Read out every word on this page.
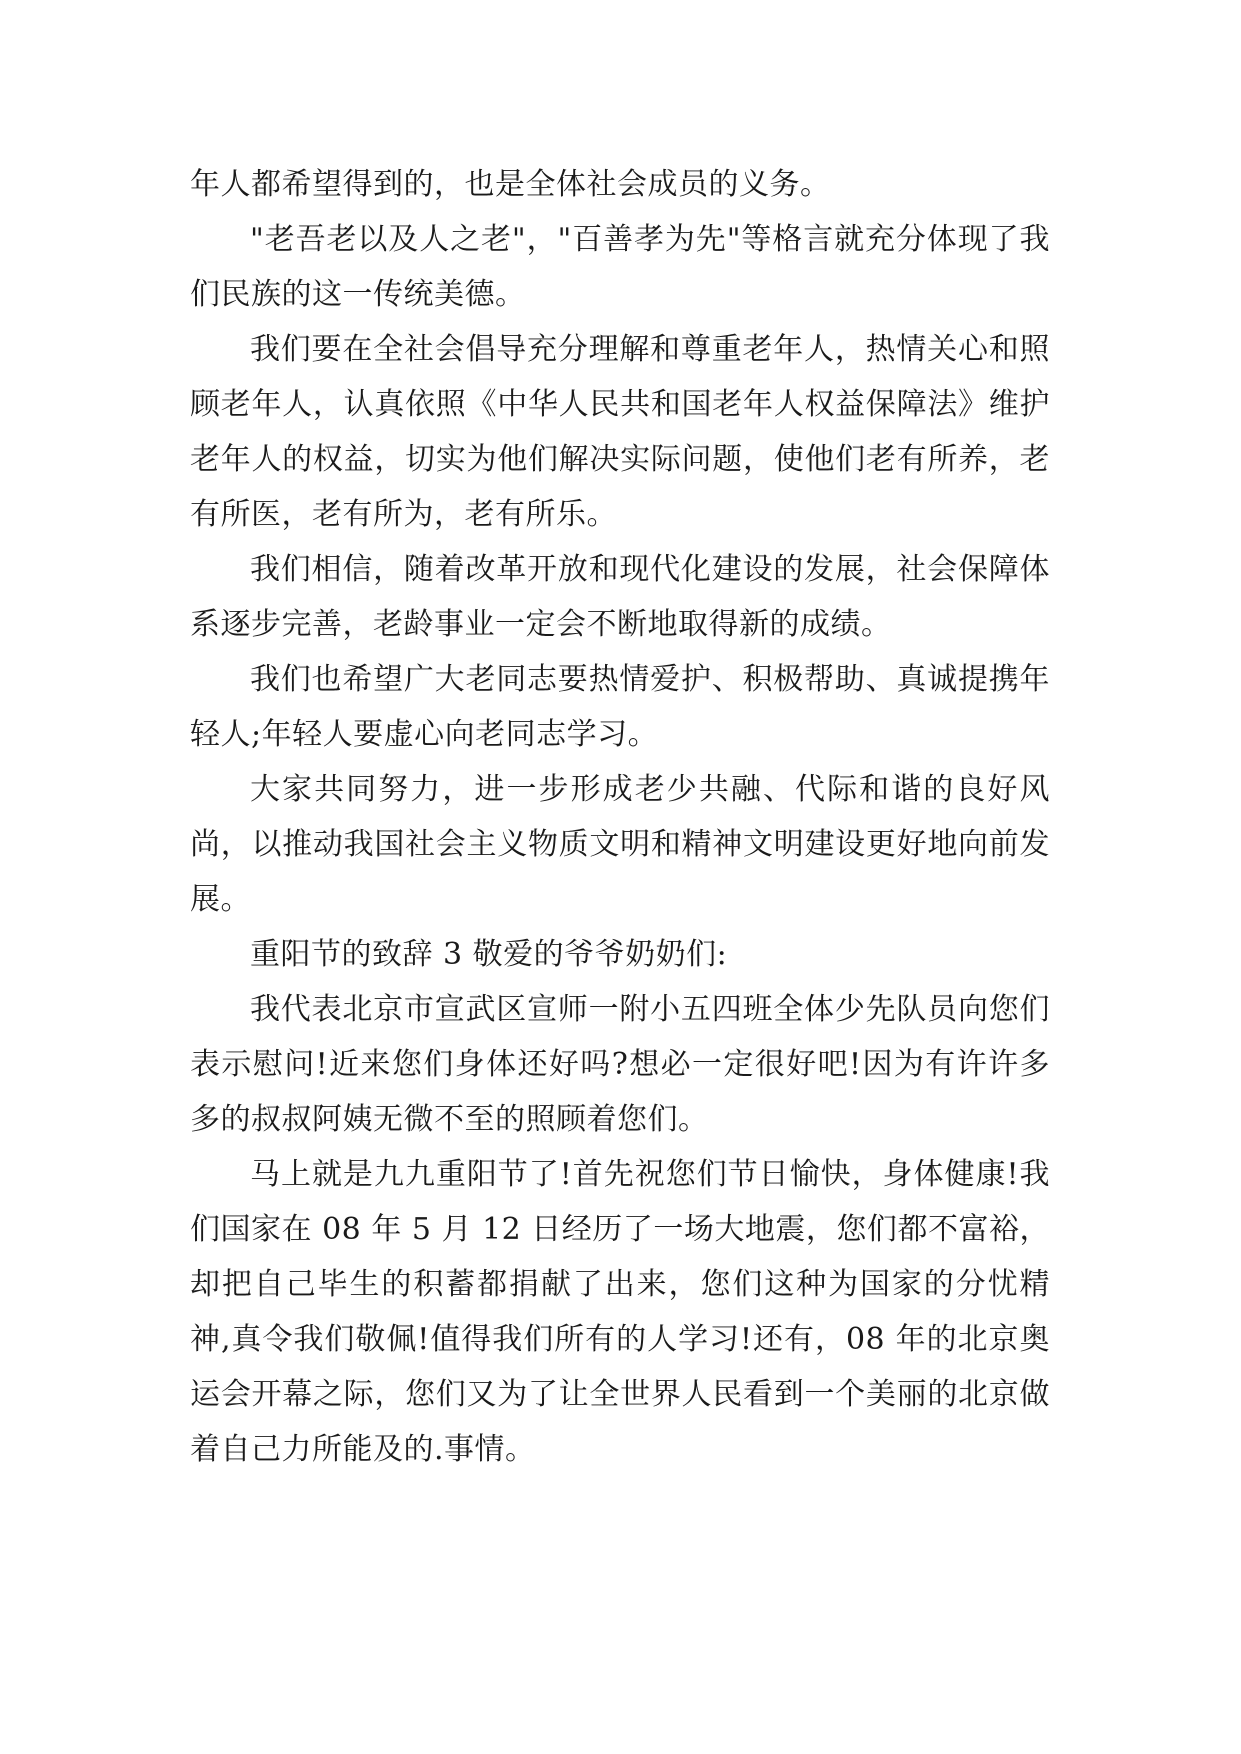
年人都希望得到的，也是全体社会成员的义务。

"老吾老以及人之老"，"百善孝为先"等格言就充分体现了我们民族的这一传统美德。

我们要在全社会倡导充分理解和尊重老年人，热情关心和照顾老年人，认真依照《中华人民共和国老年人权益保障法》维护老年人的权益，切实为他们解决实际问题，使他们老有所养，老有所医，老有所为，老有所乐。

我们相信，随着改革开放和现代化建设的发展，社会保障体系逐步完善，老龄事业一定会不断地取得新的成绩。

我们也希望广大老同志要热情爱护、积极帮助、真诚提携年轻人;年轻人要虚心向老同志学习。

大家共同努力，进一步形成老少共融、代际和谐的良好风尚，以推动我国社会主义物质文明和精神文明建设更好地向前发展。

重阳节的致辞 3 敬爱的爷爷奶奶们:

我代表北京市宣武区宣师一附小五四班全体少先队员向您们表示慰问!近来您们身体还好吗?想必一定很好吧!因为有许许多多的叔叔阿姨无微不至的照顾着您们。

马上就是九九重阳节了!首先祝您们节日愉快，身体健康!我们国家在 08 年 5 月 12 日经历了一场大地震，您们都不富裕，却把自己毕生的积蓄都捐献了出来，您们这种为国家的分忧精神,真令我们敬佩!值得我们所有的人学习!还有，08 年的北京奥运会开幕之际，您们又为了让全世界人民看到一个美丽的北京做着自己力所能及的.事情。
